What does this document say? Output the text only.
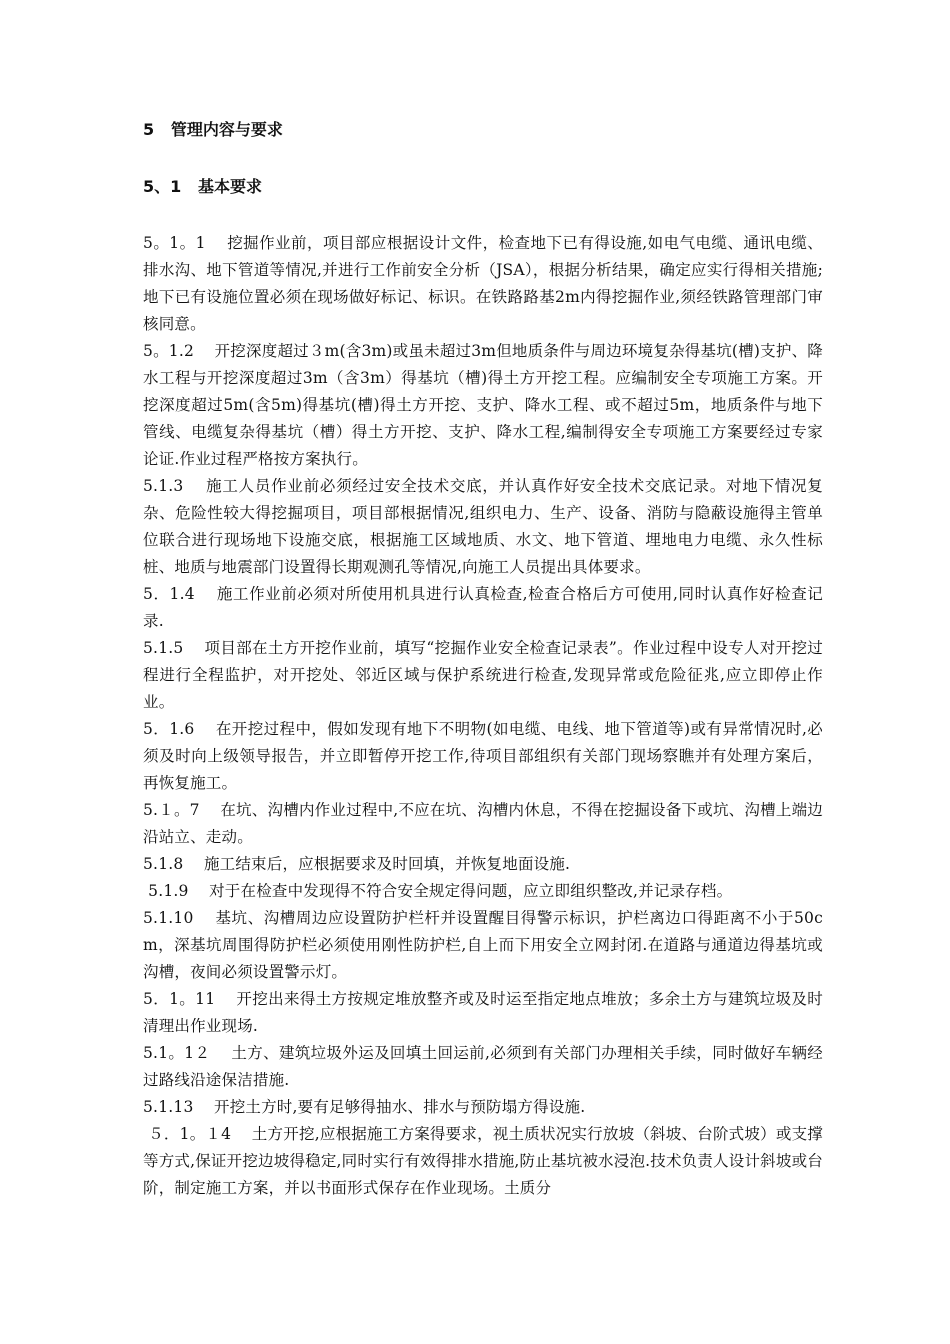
5   管理内容与要求
5、1   基本要求

5。1。1    挖掘作业前，项目部应根据设计文件，检查地下已有得设施,如电气电缆、通讯电缆、排水沟、地下管道等情况,并进行工作前安全分析（JSA），根据分析结果，确定应实行得相关措施;地下已有设施位置必须在现场做好标记、标识。在铁路路基2m内得挖掘作业,须经铁路管理部门审核同意。

5。1.2    开挖深度超过３m(含3m)或虽未超过3m但地质条件与周边环境复杂得基坑(槽)支护、降水工程与开挖深度超过3m（含3m）得基坑（槽)得土方开挖工程。应编制安全专项施工方案。开挖深度超过5m(含5m)得基坑(槽)得土方开挖、支护、降水工程、或不超过5m，地质条件与地下管线、电缆复杂得基坑（槽）得土方开挖、支护、降水工程,编制得安全专项施工方案要经过专家论证.作业过程严格按方案执行。

5.1.3    施工人员作业前必须经过安全技术交底，并认真作好安全技术交底记录。对地下情况复杂、危险性较大得挖掘项目，项目部根据情况,组织电力、生产、设备、消防与隐蔽设施得主管单位联合进行现场地下设施交底，根据施工区域地质、水文、地下管道、埋地电力电缆、永久性标桩、地质与地震部门设置得长期观测孔等情况,向施工人员提出具体要求。

5．1.4    施工作业前必须对所使用机具进行认真检查,检查合格后方可使用,同时认真作好检查记录.

5.1.5    项目部在土方开挖作业前，填写“挖掘作业安全检查记录表”。作业过程中设专人对开挖过程进行全程监护，对开挖处、邻近区域与保护系统进行检查,发现异常或危险征兆,应立即停止作业。

5．1.6    在开挖过程中，假如发现有地下不明物(如电缆、电线、地下管道等)或有异常情况时,必须及时向上级领导报告，并立即暂停开挖工作,待项目部组织有关部门现场察瞧并有处理方案后，再恢复施工。

5.１。7    在坑、沟槽内作业过程中,不应在坑、沟槽内休息，不得在挖掘设备下或坑、沟槽上端边沿站立、走动。

5.1.8    施工结束后，应根据要求及时回填，并恢复地面设施.

5.1.9    对于在检查中发现得不符合安全规定得问题，应立即组织整改,并记录存档。

5.1.10    基坑、沟槽周边应设置防护栏杆并设置醒目得警示标识，护栏离边口得距离不小于50cm，深基坑周围得防护栏必须使用刚性防护栏,自上而下用安全立网封闭.在道路与通道边得基坑或沟槽，夜间必须设置警示灯。

5．1。11    开挖出来得土方按规定堆放整齐或及时运至指定地点堆放；多余土方与建筑垃圾及时清理出作业现场.

5.1。1２    土方、建筑垃圾外运及回填土回运前,必须到有关部门办理相关手续，同时做好车辆经过路线沿途保洁措施.

5.1.13    开挖土方时,要有足够得抽水、排水与预防塌方得设施.

５．1。１4    土方开挖,应根据施工方案得要求，视土质状况实行放坡（斜坡、台阶式坡）或支撑等方式,保证开挖边坡得稳定,同时实行有效得排水措施,防止基坑被水浸泡.技术负责人设计斜坡或台阶，制定施工方案，并以书面形式保存在作业现场。土质分
